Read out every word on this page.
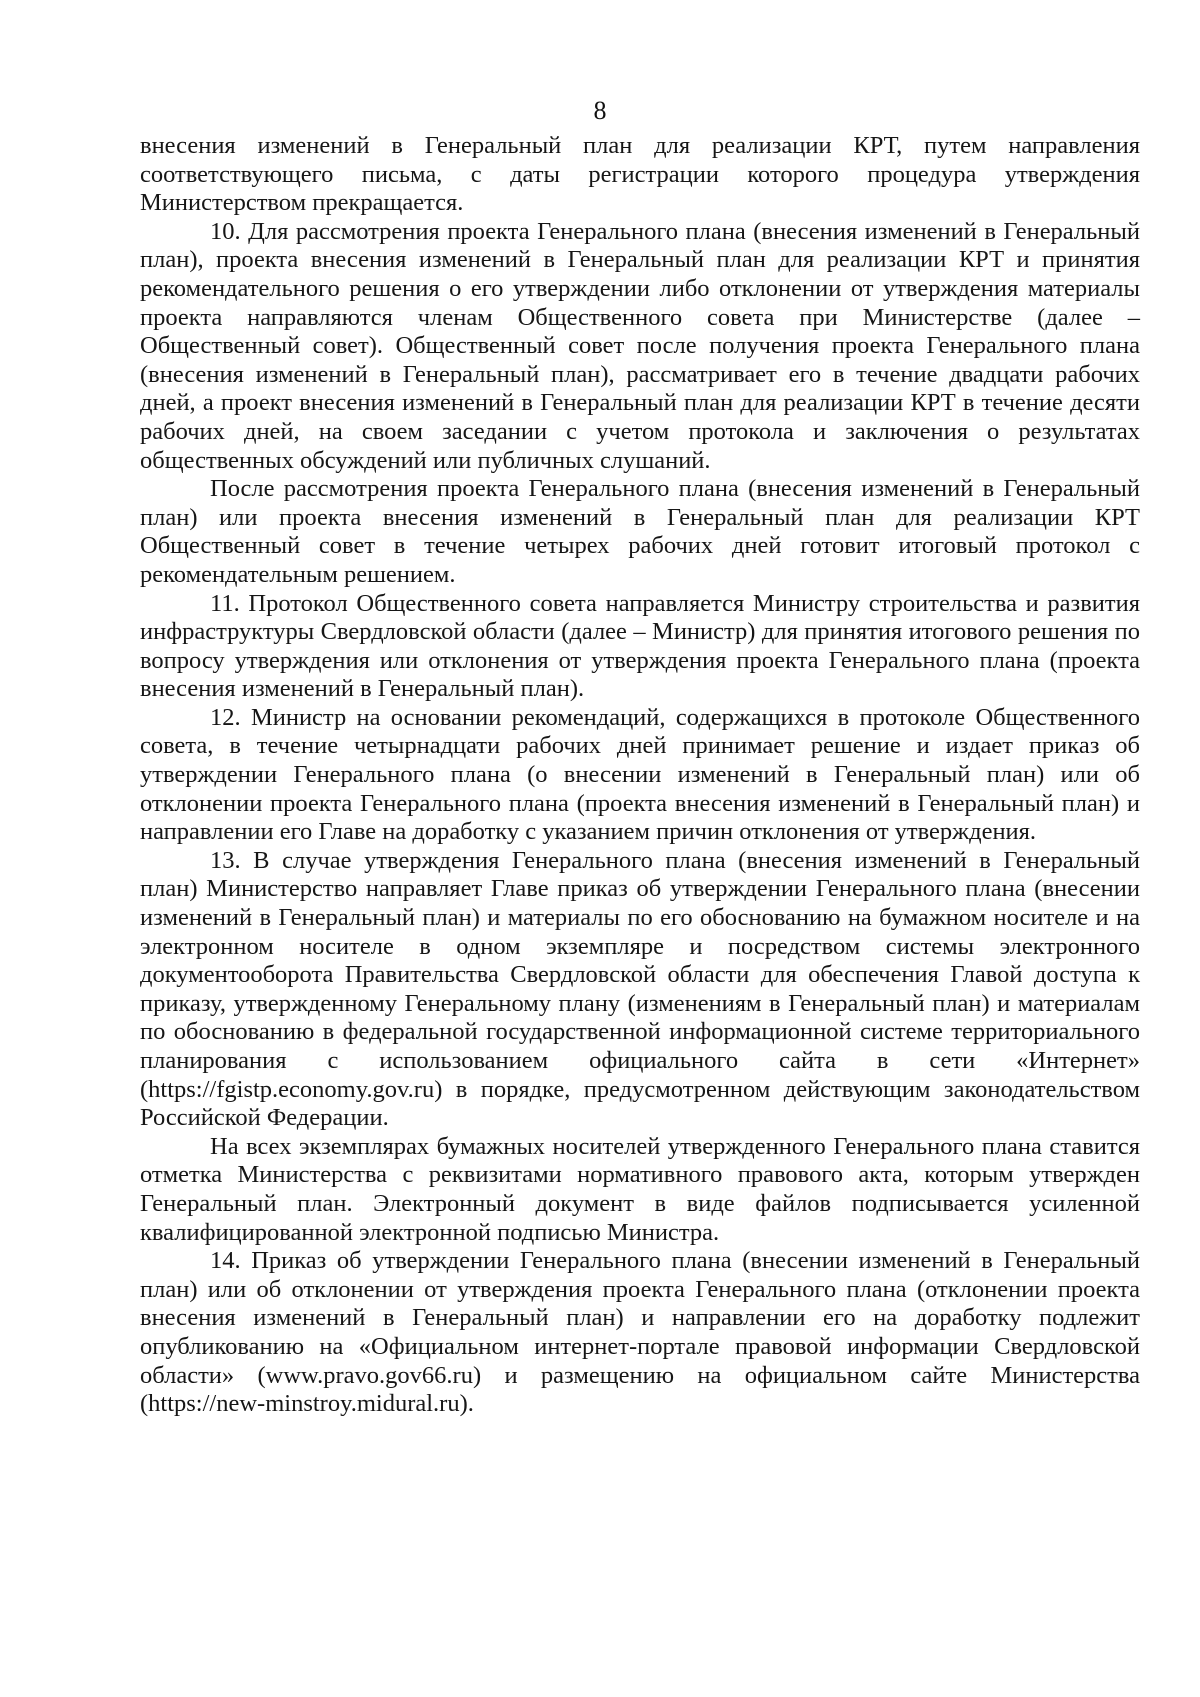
8

внесения изменений в Генеральный план для реализации КРТ, путем направления соответствующего письма, с даты регистрации которого процедура утверждения Министерством прекращается.

10. Для рассмотрения проекта Генерального плана (внесения изменений в Генеральный план), проекта внесения изменений в Генеральный план для реализации КРТ и принятия рекомендательного решения о его утверждении либо отклонении от утверждения материалы проекта направляются членам Общественного совета при Министерстве (далее – Общественный совет). Общественный совет после получения проекта Генерального плана (внесения изменений в Генеральный план), рассматривает его в течение двадцати рабочих дней, а проект внесения изменений в Генеральный план для реализации КРТ в течение десяти рабочих дней, на своем заседании с учетом протокола и заключения о результатах общественных обсуждений или публичных слушаний.

После рассмотрения проекта Генерального плана (внесения изменений в Генеральный план) или проекта внесения изменений в Генеральный план для реализации КРТ Общественный совет в течение четырех рабочих дней готовит итоговый протокол с рекомендательным решением.

11. Протокол Общественного совета направляется Министру строительства и развития инфраструктуры Свердловской области (далее – Министр) для принятия итогового решения по вопросу утверждения или отклонения от утверждения проекта Генерального плана (проекта внесения изменений в Генеральный план).

12. Министр на основании рекомендаций, содержащихся в протоколе Общественного совета, в течение четырнадцати рабочих дней принимает решение и издает приказ об утверждении Генерального плана (о внесении изменений в Генеральный план) или об отклонении проекта Генерального плана (проекта внесения изменений в Генеральный план) и направлении его Главе на доработку с указанием причин отклонения от утверждения.

13. В случае утверждения Генерального плана (внесения изменений в Генеральный план) Министерство направляет Главе приказ об утверждении Генерального плана (внесении изменений в Генеральный план) и материалы по его обоснованию на бумажном носителе и на электронном носителе в одном экземпляре и посредством системы электронного документооборота Правительства Свердловской области для обеспечения Главой доступа к приказу, утвержденному Генеральному плану (изменениям в Генеральный план) и материалам по обоснованию в федеральной государственной информационной системе территориального планирования с использованием официального сайта в сети «Интернет» (https://fgistp.economy.gov.ru) в порядке, предусмотренном действующим законодательством Российской Федерации.

На всех экземплярах бумажных носителей утвержденного Генерального плана ставится отметка Министерства с реквизитами нормативного правового акта, которым утвержден Генеральный план. Электронный документ в виде файлов подписывается усиленной квалифицированной электронной подписью Министра.

14. Приказ об утверждении Генерального плана (внесении изменений в Генеральный план) или об отклонении от утверждения проекта Генерального плана (отклонении проекта внесения изменений в Генеральный план) и направлении его на доработку подлежит опубликованию на «Официальном интернет-портале правовой информации Свердловской области» (www.pravo.gov66.ru) и размещению на официальном сайте Министерства (https://new-minstroy.midural.ru).
